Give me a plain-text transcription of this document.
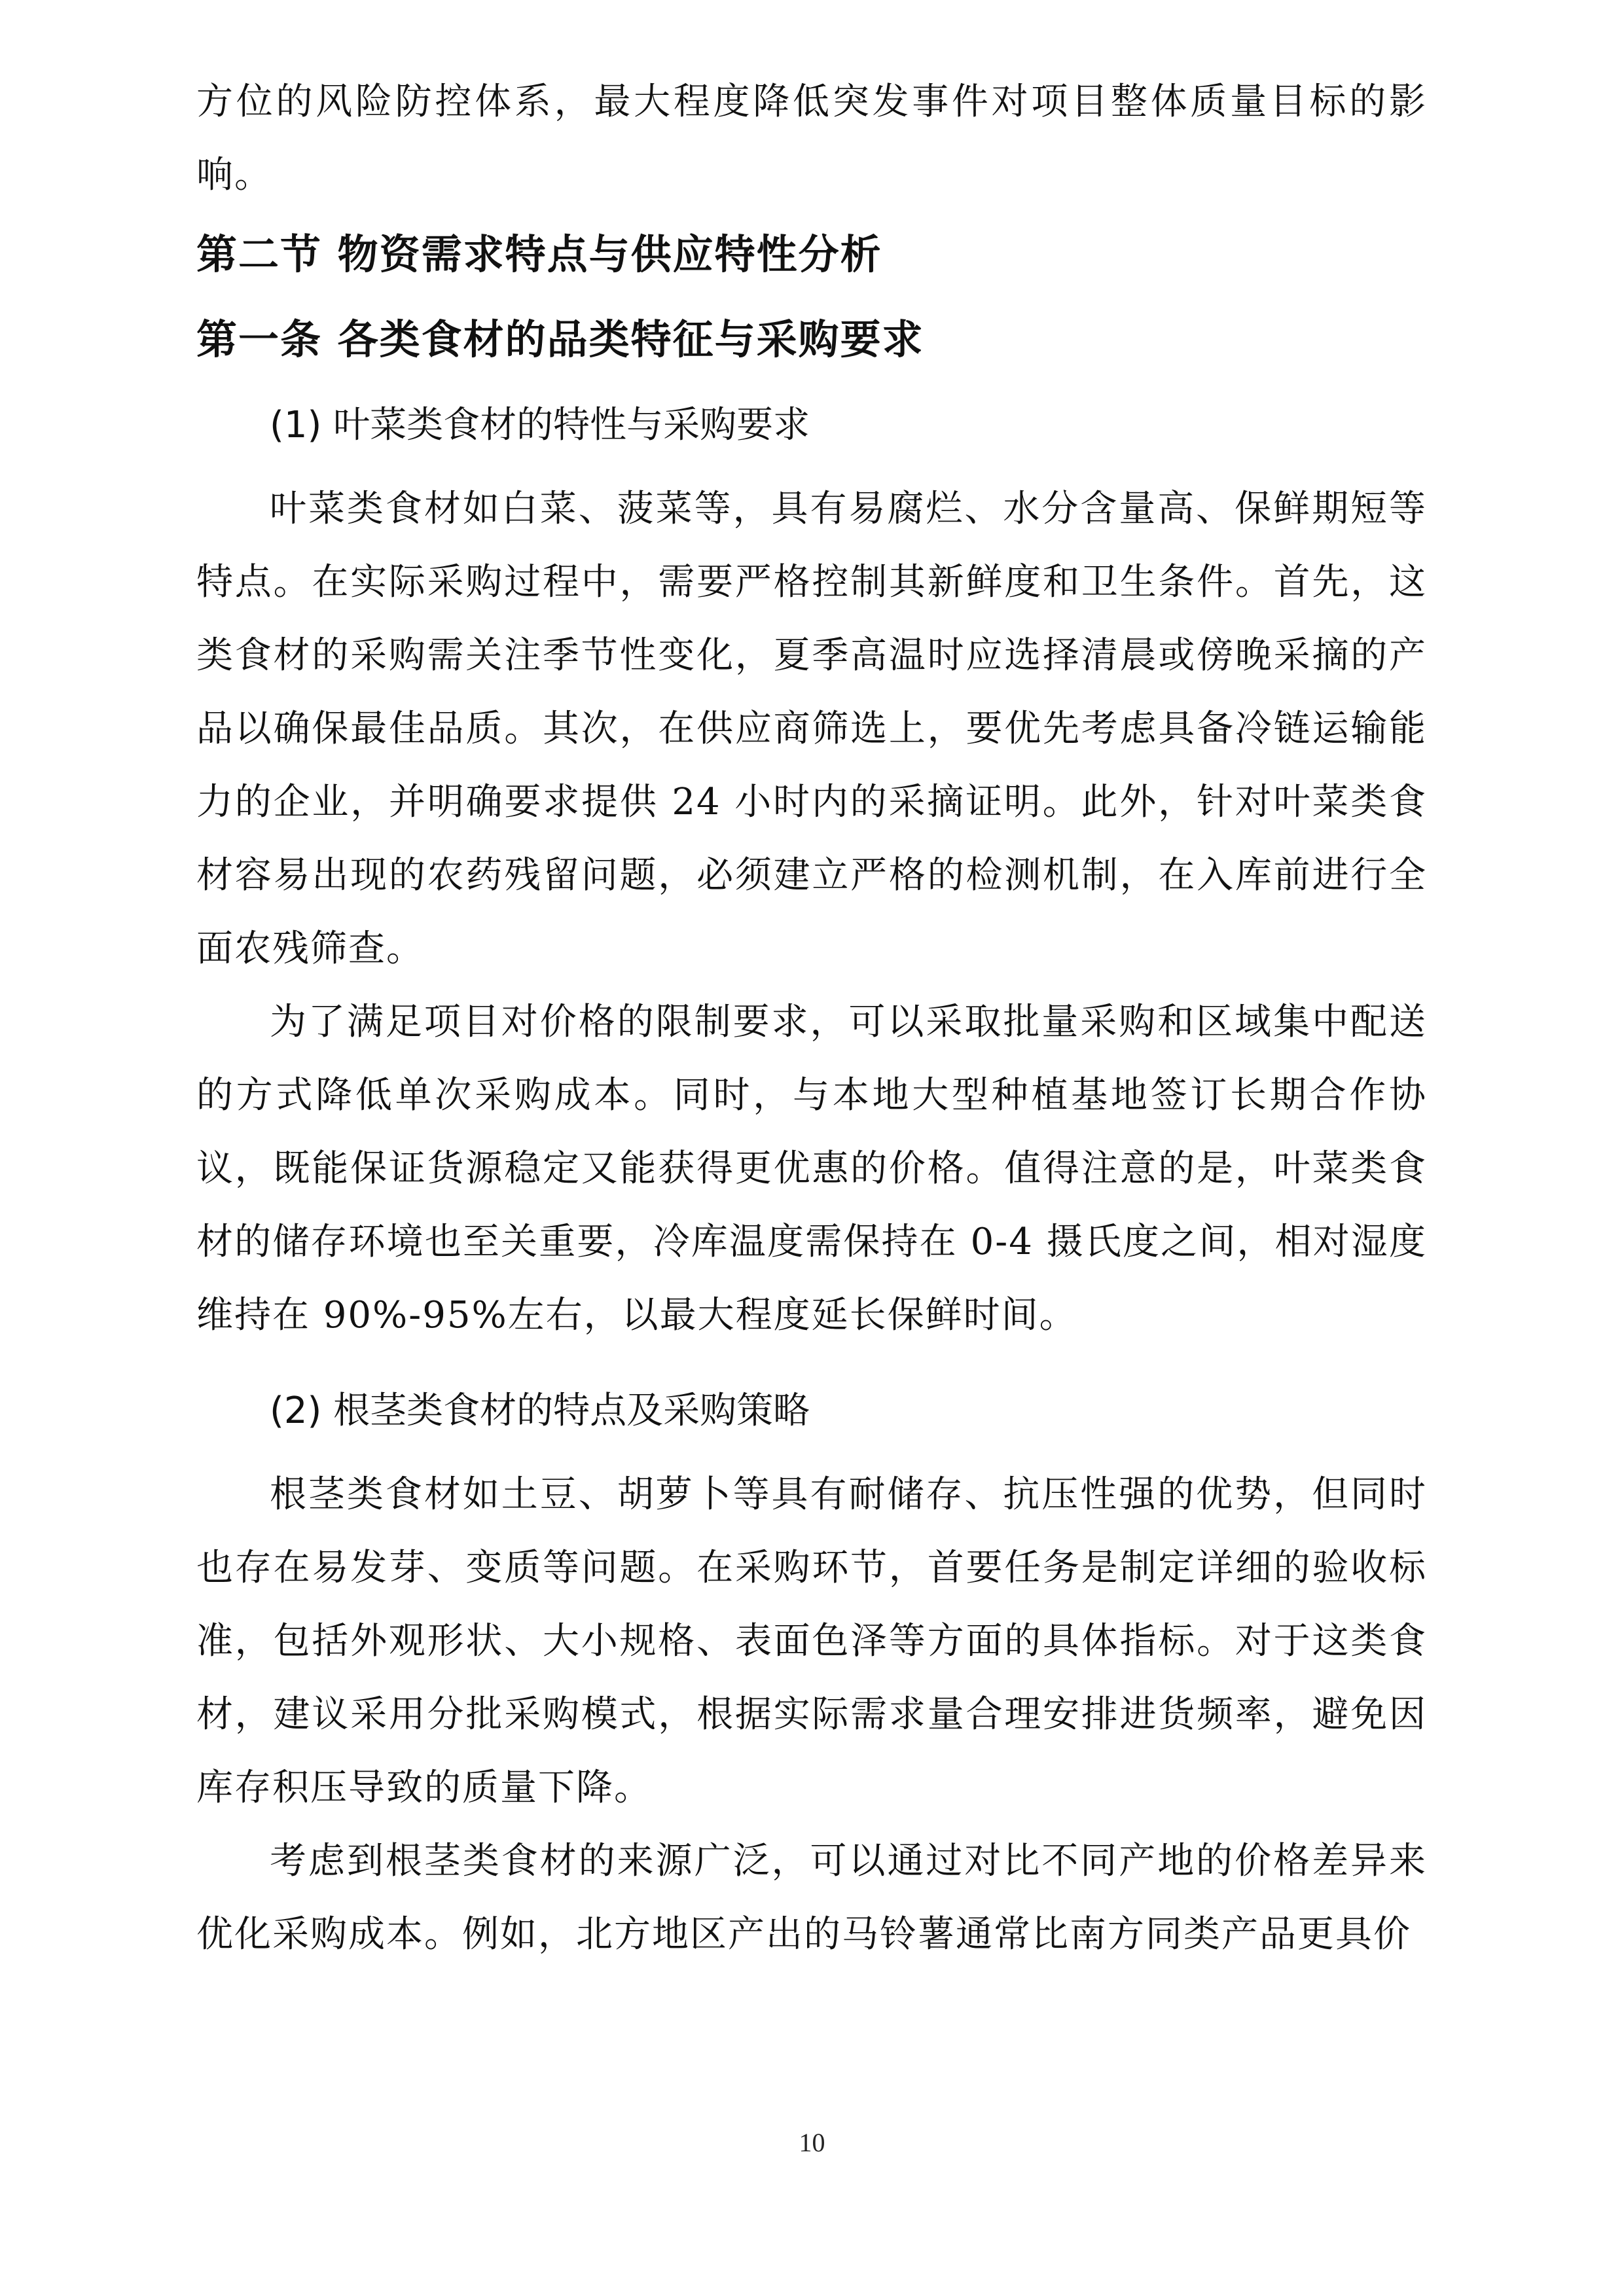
方位的风险防控体系，最大程度降低突发事件对项目整体质量目标的影响。

第二节 物资需求特点与供应特性分析
第一条 各类食材的品类特征与采购要求
(1) 叶菜类食材的特性与采购要求

叶菜类食材如白菜、菠菜等，具有易腐烂、水分含量高、保鲜期短等特点。在实际采购过程中，需要严格控制其新鲜度和卫生条件。首先，这类食材的采购需关注季节性变化，夏季高温时应选择清晨或傍晚采摘的产品以确保最佳品质。其次，在供应商筛选上，要优先考虑具备冷链运输能力的企业，并明确要求提供 24 小时内的采摘证明。此外，针对叶菜类食材容易出现的农药残留问题，必须建立严格的检测机制，在入库前进行全面农残筛查。

为了满足项目对价格的限制要求，可以采取批量采购和区域集中配送的方式降低单次采购成本。同时，与本地大型种植基地签订长期合作协议，既能保证货源稳定又能获得更优惠的价格。值得注意的是，叶菜类食材的储存环境也至关重要，冷库温度需保持在 0-4 摄氏度之间，相对湿度维持在 90%-95%左右，以最大程度延长保鲜时间。

(2) 根茎类食材的特点及采购策略

根茎类食材如土豆、胡萝卜等具有耐储存、抗压性强的优势，但同时也存在易发芽、变质等问题。在采购环节，首要任务是制定详细的验收标准，包括外观形状、大小规格、表面色泽等方面的具体指标。对于这类食材，建议采用分批采购模式，根据实际需求量合理安排进货频率，避免因库存积压导致的质量下降。

考虑到根茎类食材的来源广泛，可以通过对比不同产地的价格差异来优化采购成本。例如，北方地区产出的马铃薯通常比南方同类产品更具价

10
